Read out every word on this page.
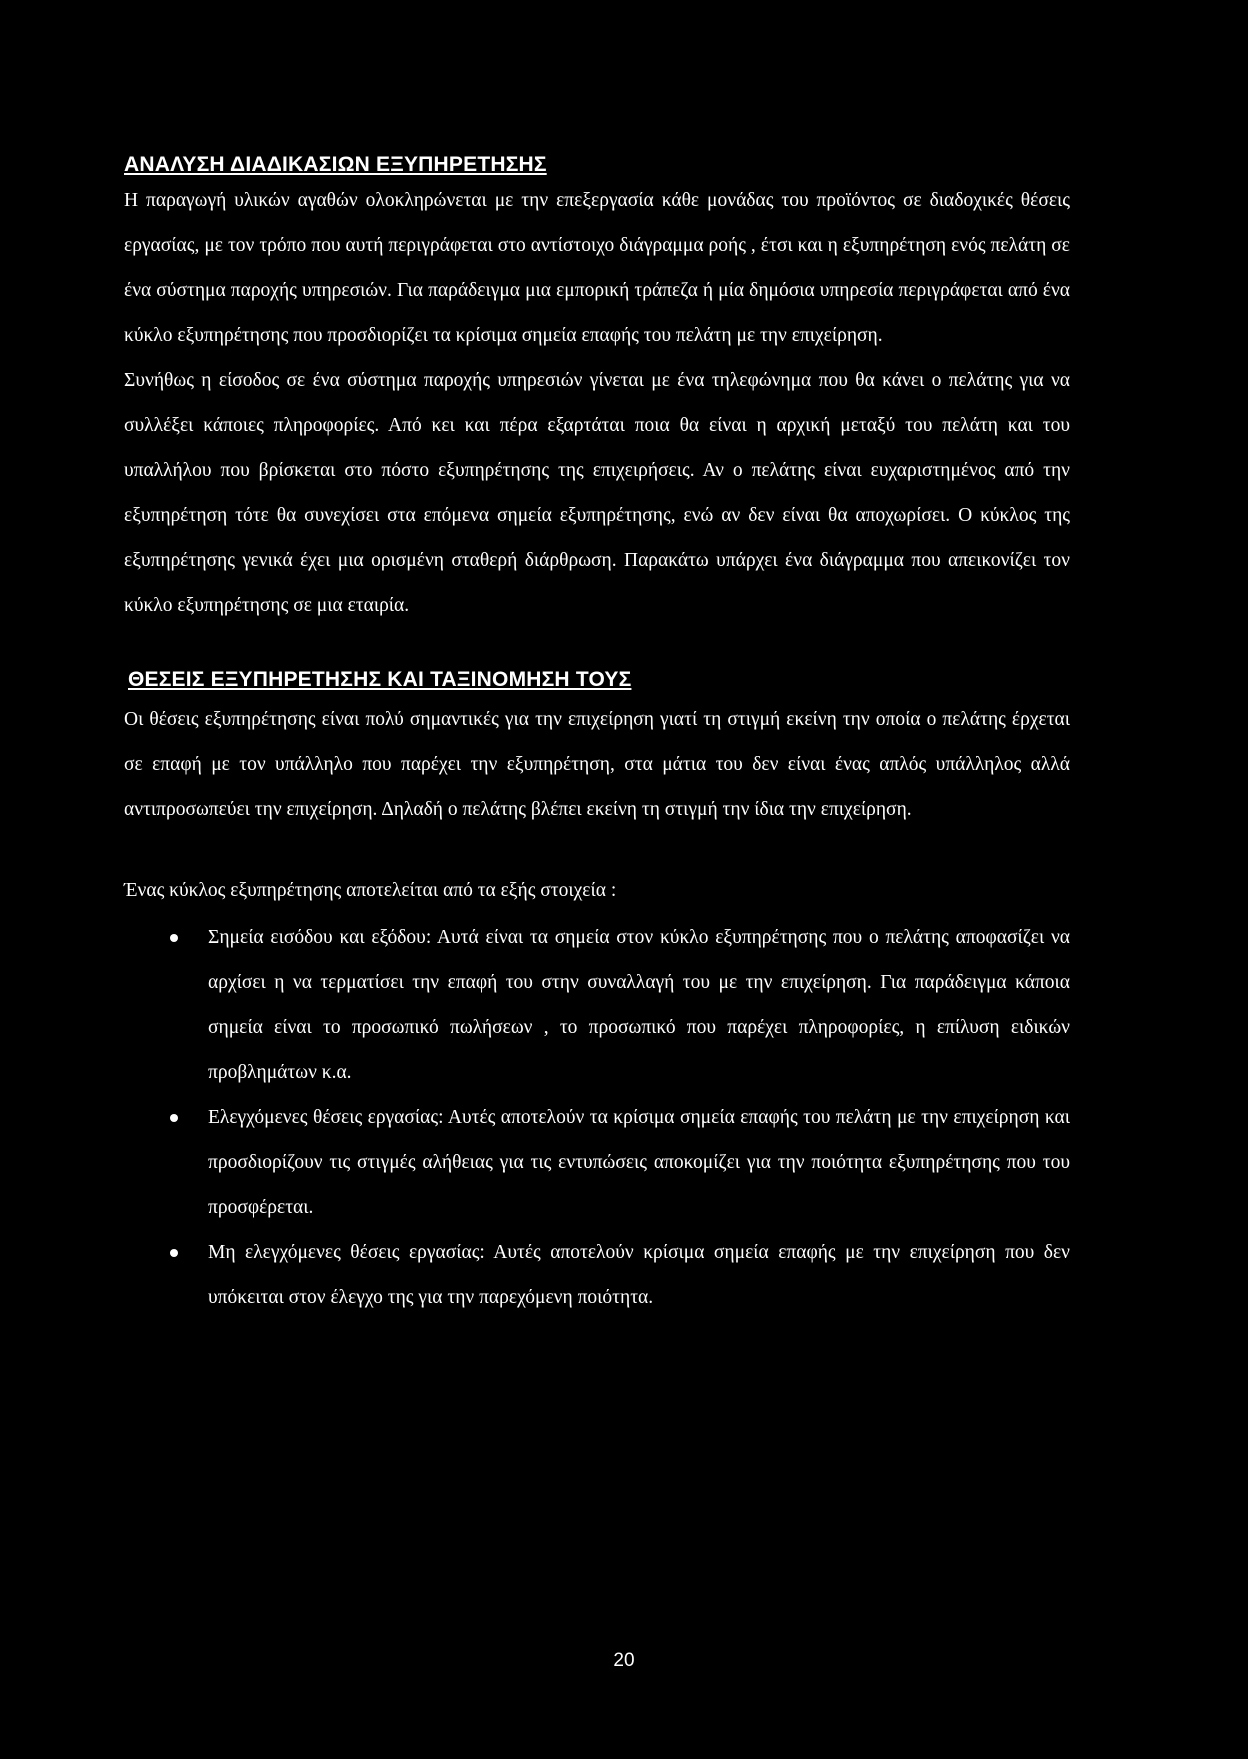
ΑΝΑΛΥΣΗ ΔΙΑΔΙΚΑΣΙΩΝ ΕΞΥΠΗΡΕΤΗΣΗΣ

Η παραγωγή υλικών αγαθών ολοκληρώνεται με την επεξεργασία κάθε μονάδας του προϊόντος σε διαδοχικές θέσεις εργασίας, με τον τρόπο που αυτή περιγράφεται στο αντίστοιχο διάγραμμα ροής , έτσι και η εξυπηρέτηση ενός πελάτη σε ένα σύστημα παροχής υπηρεσιών. Για παράδειγμα μια εμπορική τράπεζα ή μία δημόσια υπηρεσία περιγράφεται από ένα κύκλο εξυπηρέτησης που προσδιορίζει τα κρίσιμα σημεία επαφής του πελάτη με την επιχείρηση.

Συνήθως η είσοδος σε ένα σύστημα παροχής υπηρεσιών γίνεται με ένα τηλεφώνημα που θα κάνει ο πελάτης για να συλλέξει κάποιες πληροφορίες. Από κει και πέρα εξαρτάται ποια θα είναι η αρχική μεταξύ του πελάτη και του υπαλλήλου που βρίσκεται στο πόστο εξυπηρέτησης της επιχειρήσεις. Αν ο πελάτης είναι ευχαριστημένος από την εξυπηρέτηση τότε θα συνεχίσει στα επόμενα σημεία εξυπηρέτησης, ενώ αν δεν είναι θα αποχωρίσει. Ο κύκλος της εξυπηρέτησης γενικά έχει μια ορισμένη σταθερή διάρθρωση. Παρακάτω υπάρχει ένα διάγραμμα που απεικονίζει τον κύκλο εξυπηρέτησης σε μια εταιρία.

ΘΕΣΕΙΣ ΕΞΥΠΗΡΕΤΗΣΗΣ ΚΑΙ ΤΑΞΙΝΟΜΗΣΗ ΤΟΥΣ

Οι θέσεις εξυπηρέτησης είναι πολύ σημαντικές για την επιχείρηση γιατί τη στιγμή εκείνη την οποία ο πελάτης έρχεται σε επαφή με τον υπάλληλο που παρέχει την εξυπηρέτηση, στα μάτια του δεν είναι ένας απλός υπάλληλος αλλά αντιπροσωπεύει την επιχείρηση. Δηλαδή ο πελάτης βλέπει εκείνη τη στιγμή την ίδια την επιχείρηση.

Ένας κύκλος εξυπηρέτησης αποτελείται από τα εξής στοιχεία :

Σημεία εισόδου και εξόδου: Αυτά είναι τα σημεία στον κύκλο εξυπηρέτησης που ο πελάτης αποφασίζει να αρχίσει η να τερματίσει την επαφή του στην συναλλαγή του με την επιχείρηση. Για παράδειγμα κάποια σημεία είναι το προσωπικό πωλήσεων , το προσωπικό που παρέχει πληροφορίες, η επίλυση ειδικών προβλημάτων κ.α.
Ελεγχόμενες θέσεις εργασίας: Αυτές αποτελούν τα κρίσιμα σημεία επαφής του πελάτη με την επιχείρηση και προσδιορίζουν τις στιγμές αλήθειας για τις εντυπώσεις αποκομίζει για την ποιότητα εξυπηρέτησης που του προσφέρεται.
Μη ελεγχόμενες θέσεις εργασίας: Αυτές αποτελούν κρίσιμα σημεία επαφής με την επιχείρηση που δεν υπόκειται στον έλεγχο της για την παρεχόμενη ποιότητα.
20
